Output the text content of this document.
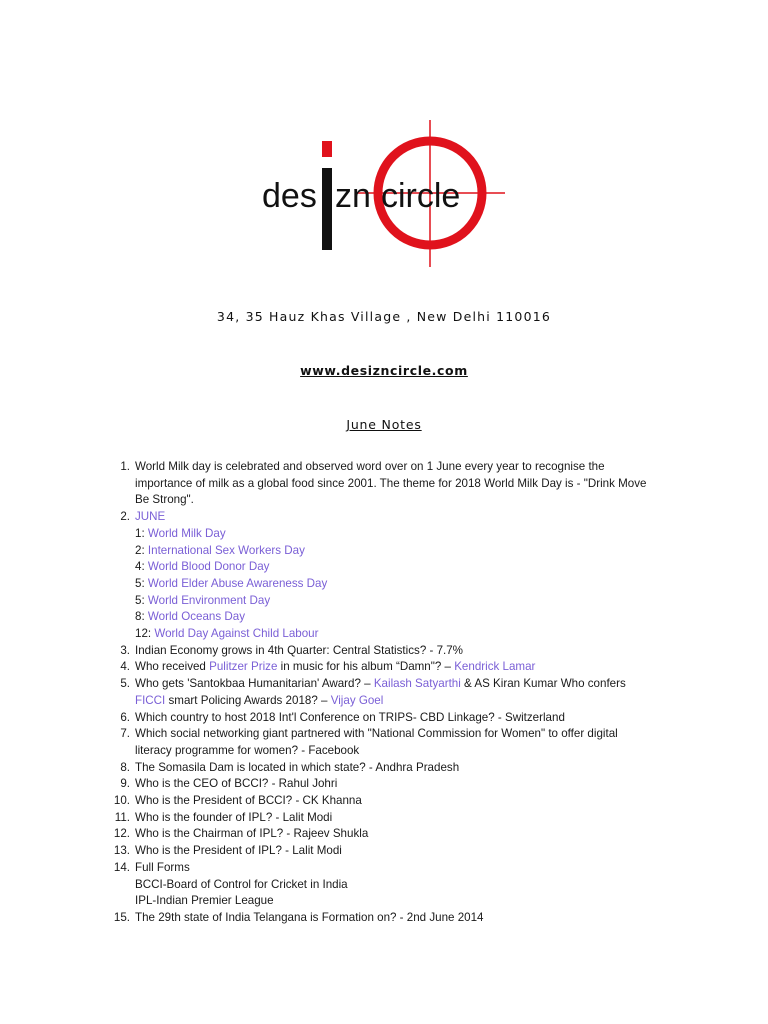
des zn circle
34, 35 Hauz Khas Village , New Delhi 110016
www.desizncircle.com
June Notes
1. World Milk day is celebrated and observed word over on 1 June every year to recognise the importance of milk as a global food since 2001. The theme for 2018 World Milk Day is - "Drink Move Be Strong".
2. JUNE
1: World Milk Day
2: International Sex Workers Day
4: World Blood Donor Day
5: World Elder Abuse Awareness Day
5: World Environment Day
8: World Oceans Day
12: World Day Against Child Labour
3. Indian Economy grows in 4th Quarter: Central Statistics? - 7.7%
4. Who received Pulitzer Prize in music for his album “Damn"? – Kendrick Lamar
5. Who gets 'Santokbaa Humanitarian' Award? – Kailash Satyarthi & AS Kiran Kumar Who confers FICCI smart Policing Awards 2018? – Vijay Goel
6. Which country to host 2018 Int'l Conference on TRIPS- CBD Linkage? - Switzerland
7. Which social networking giant partnered with "National Commission for Women" to offer digital literacy programme for women? - Facebook
8. The Somasila Dam is located in which state? - Andhra Pradesh
9. Who is the CEO of BCCI? - Rahul Johri
10. Who is the President of BCCI? - CK Khanna
11. Who is the founder of IPL? - Lalit Modi
12. Who is the Chairman of IPL? - Rajeev Shukla
13. Who is the President of IPL? - Lalit Modi
14. Full Forms
BCCI-Board of Control for Cricket in India
IPL-Indian Premier League
15. The 29th state of India Telangana is Formation on? - 2nd June 2014
